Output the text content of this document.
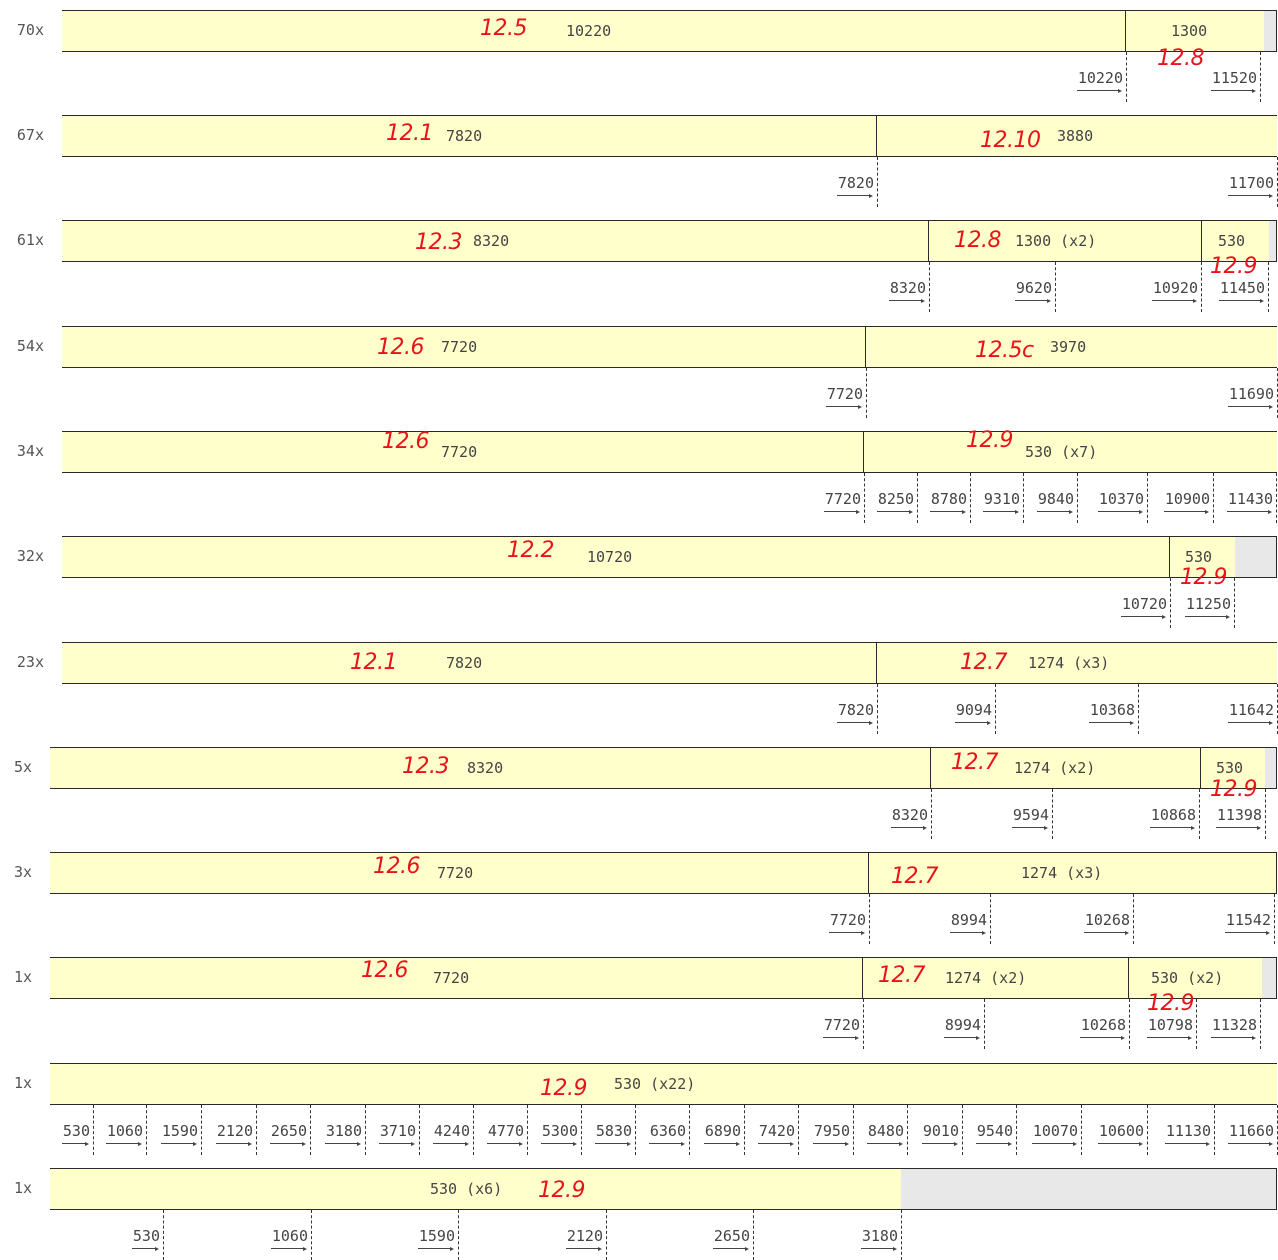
70x	10220
12.5	1300
12.8
10220	11520
67x	7820
12.1	3880
12.10
7820	11700
61x	8320
12.3	1300 (x2)
12.8	530
12.9
8320	9620	10920	11450
54x	7720
12.6	3970
12.5c
7720	11690
34x	7720
12.6	530 (x7)
12.9
7720	8250	8780	9310	9840	10370	10900	11430
32x	10720
12.2	530
12.9
10720	11250
23x	7820
12.1	1274 (x3)
12.7
7820	9094	10368	11642
5x	8320
12.3	1274 (x2)
12.7	530
12.9
8320	9594	10868	11398
3x	7720
12.6	1274 (x3)
12.7
7720	8994	10268	11542
1x	7720
12.6	1274 (x2)
12.7	530 (x2)
12.9
7720	8994	10268	10798	11328
1x	530 (x22)
12.9
530	1060	1590	2120	2650	3180	3710	4240	4770	5300	5830	6360	6890	7420	7950	8480	9010	9540	10070	10600	11130	11660
1x	530 (x6) 12.9
530	1060	1590	2120	2650	3180
